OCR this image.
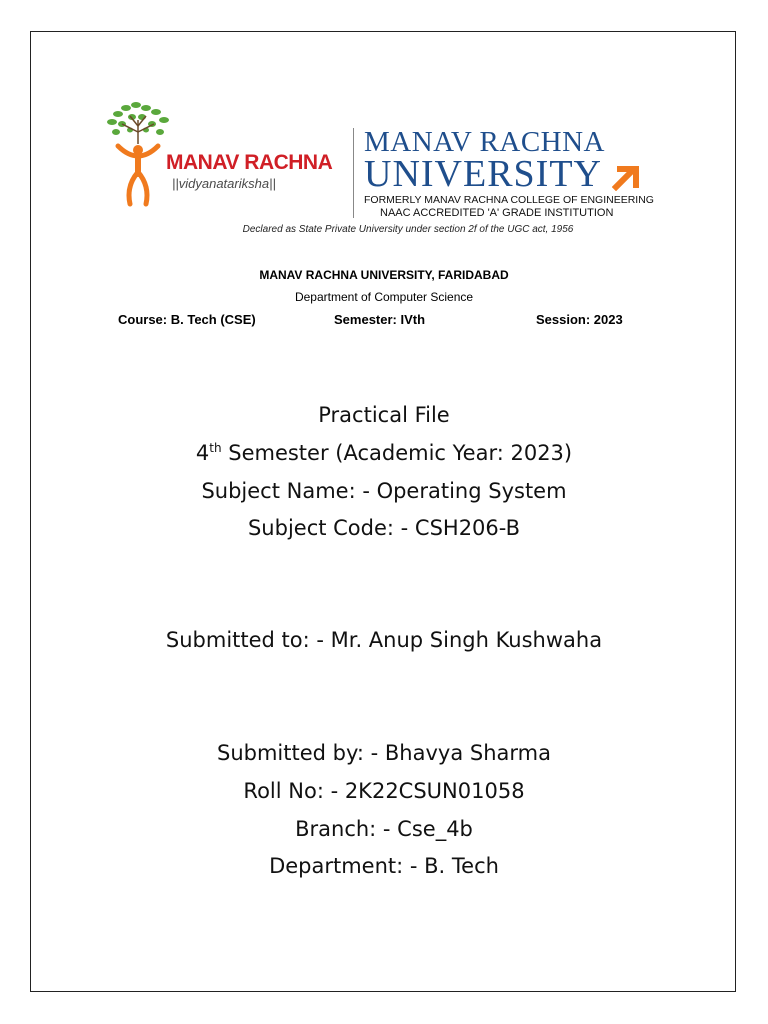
MANAV RACHNA
||vidyanatariksha||
MANAV RACHNA
UNIVERSITY
FORMERLY MANAV RACHNA COLLEGE OF ENGINEERING
NAAC ACCREDITED 'A' GRADE INSTITUTION
Declared as State Private University under section 2f of the UGC act, 1956
MANAV RACHNA UNIVERSITY, FARIDABAD
Department of Computer Science
Course: B. Tech (CSE)	Semester: IVth	Session: 2023
Practical File
4th Semester (Academic Year: 2023)
Subject Name: - Operating System
Subject Code: - CSH206-B
Submitted to: - Mr. Anup Singh Kushwaha
Submitted by: - Bhavya Sharma
Roll No: - 2K22CSUN01058
Branch: - Cse_4b
Department: - B. Tech
